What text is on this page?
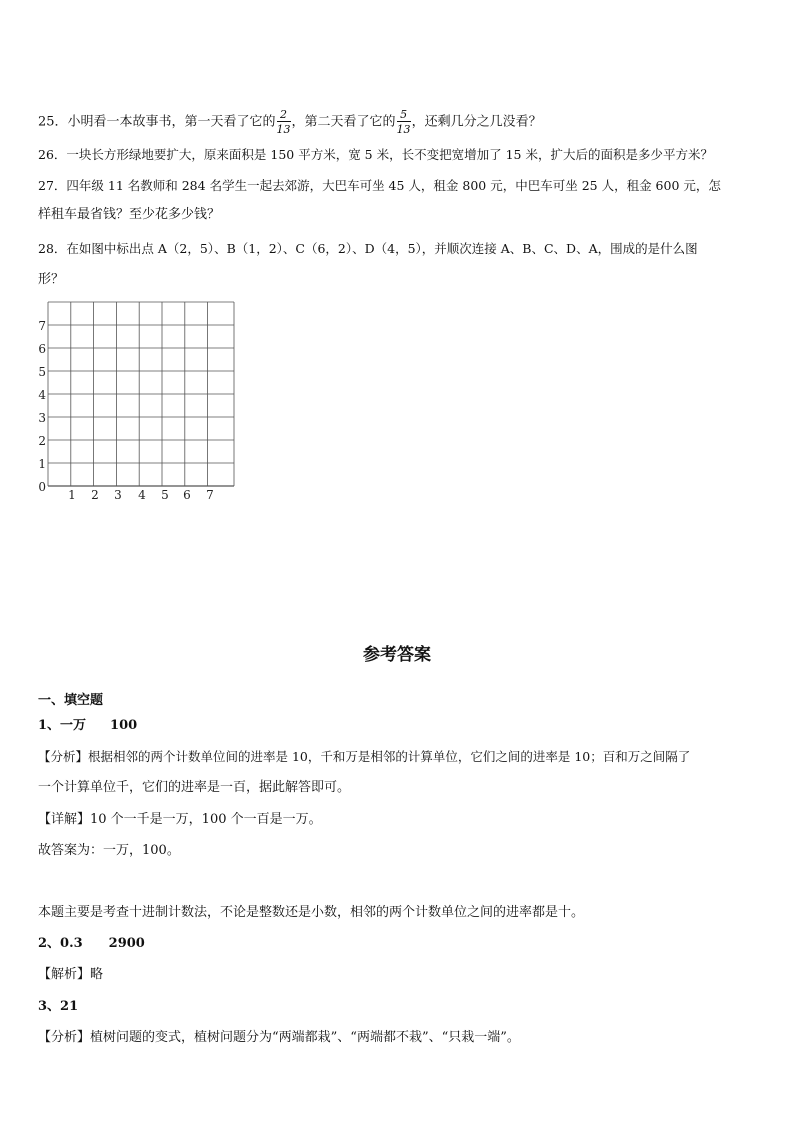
25．小明看一本故事书，第一天看了它的 $\frac{2}{13}$ ，第二天看了它的 $\frac{5}{13}$ ，还剩几分之几没看？
26．一块长方形绿地要扩大，原来面积是 150 平方米，宽 5 米，长不变把宽增加了 15 米，扩大后的面积是多少平方米？
27．四年级 11 名教师和 284 名学生一起去郊游，大巴车可坐 45 人，租金 800 元，中巴车可坐 25 人，租金 600 元，怎
样租车最省钱？至少花多少钱？
28．在如图中标出点 A（2，5）、B（1，2）、C（6，2）、D（4，5），并顺次连接 A、B、C、D、A，围成的是什么图
形？
7
6
5
4
3
2
1
0
1 2 3 4 5 6 7
参考答案
一、填空题
1、一万 100
【分析】根据相邻的两个计数单位间的进率是 10，千和万是相邻的计算单位，它们之间的进率是 10；百和万之间隔了
一个计算单位千，它们的进率是一百，据此解答即可。
【详解】10 个一千是一万，100 个一百是一万。
故答案为：一万，100。
本题主要是考查十进制计数法，不论是整数还是小数，相邻的两个计数单位之间的进率都是十。
2、0.3 2900
【解析】略
3、21
【分析】植树问题的变式，植树问题分为“两端都栽”、“两端都不栽”、“只栽一端”。
